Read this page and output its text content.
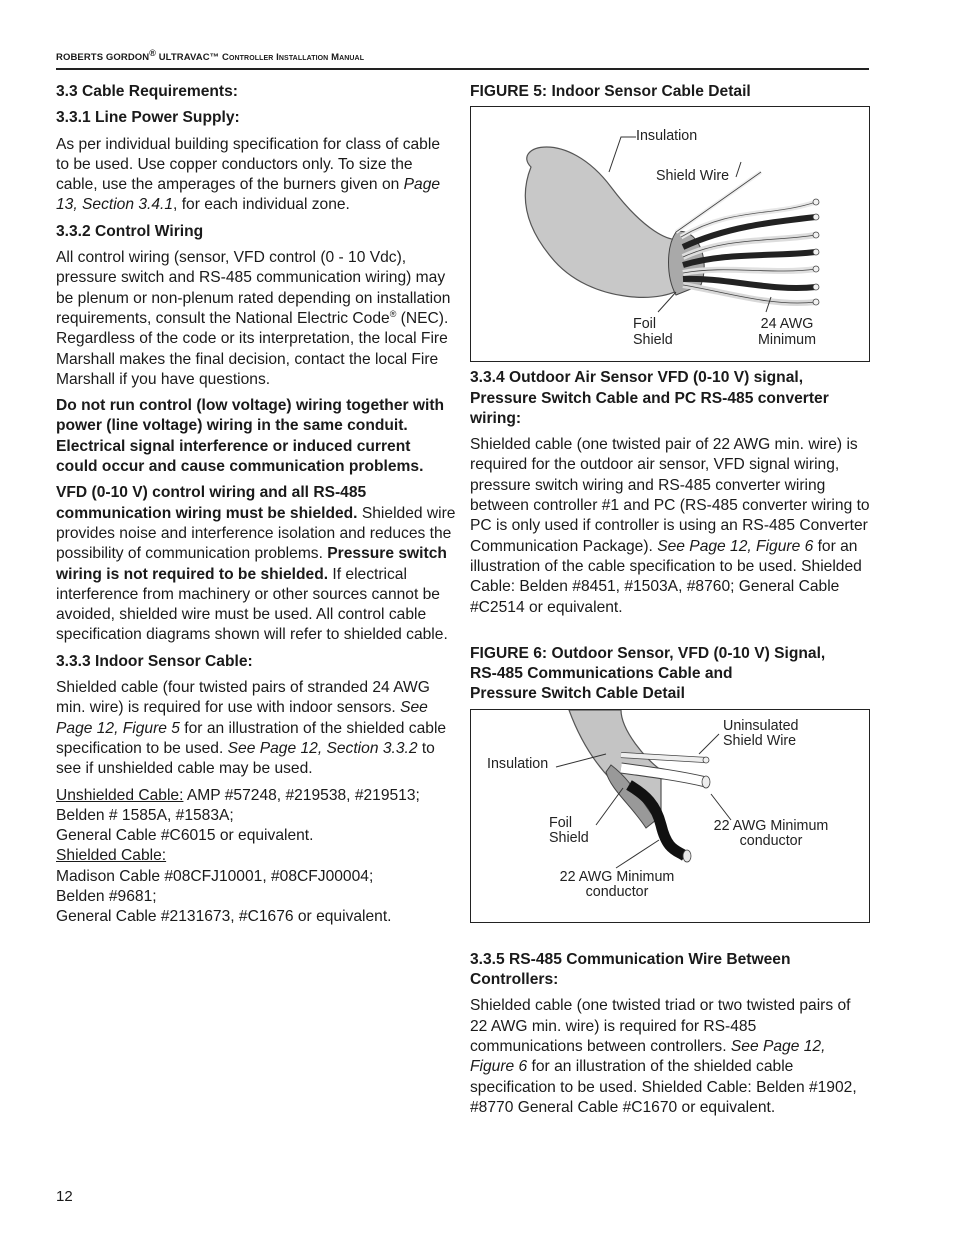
ROBERTS GORDON® ULTRAVAC™ Controller Installation Manual
3.3 Cable Requirements:
3.3.1 Line Power Supply:

As per individual building specification for class of cable to be used. Use copper conductors only. To size the cable, use the amperages of the burners given on Page 13, Section 3.4.1, for each individual zone.

3.3.2 Control Wiring

All control wiring (sensor, VFD control (0 - 10 Vdc), pressure switch and RS-485 communication wiring) may be plenum or non-plenum rated depending on installation requirements, consult the National Electric Code® (NEC). Regardless of the code or its interpretation, the local Fire Marshall makes the final decision, contact the local Fire Marshall if you have questions.

Do not run control (low voltage) wiring together with power (line voltage) wiring in the same conduit. Electrical signal interference or induced current could occur and cause communication problems.

VFD (0-10 V) control wiring and all RS-485 communication wiring must be shielded. Shielded wire provides noise and interference isolation and reduces the possibility of communication problems. Pressure switch wiring is not required to be shielded. If electrical interference from machinery or other sources cannot be avoided, shielded wire must be used. All control cable specification diagrams shown will refer to shielded cable.

3.3.3 Indoor Sensor Cable:

Shielded cable (four twisted pairs of stranded 24 AWG min. wire) is required for use with indoor sensors. See Page 12, Figure 5 for an illustration of the shielded cable specification to be used. See Page 12, Section 3.3.2 to see if unshielded cable may be used.

Unshielded Cable: AMP #57248, #219538, #219513;
Belden # 1585A, #1583A;
General Cable #C6015 or equivalent.
Shielded Cable:
Madison Cable #08CFJ10001, #08CFJ00004;
Belden #9681;
General Cable #2131673, #C1676 or equivalent.
FIGURE 5: Indoor Sensor Cable Detail
Insulation
Shield Wire
Foil
Shield
24 AWG
Minimum
3.3.4 Outdoor Air Sensor VFD (0-10 V) signal, Pressure Switch Cable and PC RS-485 converter wiring:

Shielded cable (one twisted pair of 22 AWG min. wire) is required for the outdoor air sensor, VFD signal wiring, pressure switch wiring and RS-485 converter wiring between controller #1 and PC (RS-485 converter wiring to PC is only used if controller is using an RS-485 Converter Communication Package). See Page 12, Figure 6 for an illustration of the cable specification to be used. Shielded Cable: Belden #8451, #1503A, #8760; General Cable #C2514 or equivalent.

FIGURE 6: Outdoor Sensor, VFD (0-10 V) Signal,
RS-485 Communications Cable and
Pressure Switch Cable Detail
Uninsulated
Shield Wire
Insulation
Foil
Shield
22 AWG Minimum
conductor
22 AWG Minimum
conductor
3.3.5 RS-485 Communication Wire Between Controllers:

Shielded cable (one twisted triad or two twisted pairs of 22 AWG min. wire) is required for RS-485 communications between controllers. See Page 12, Figure 6 for an illustration of the shielded cable specification to be used. Shielded Cable: Belden #1902, #8770 General Cable #C1670 or equivalent.

12
